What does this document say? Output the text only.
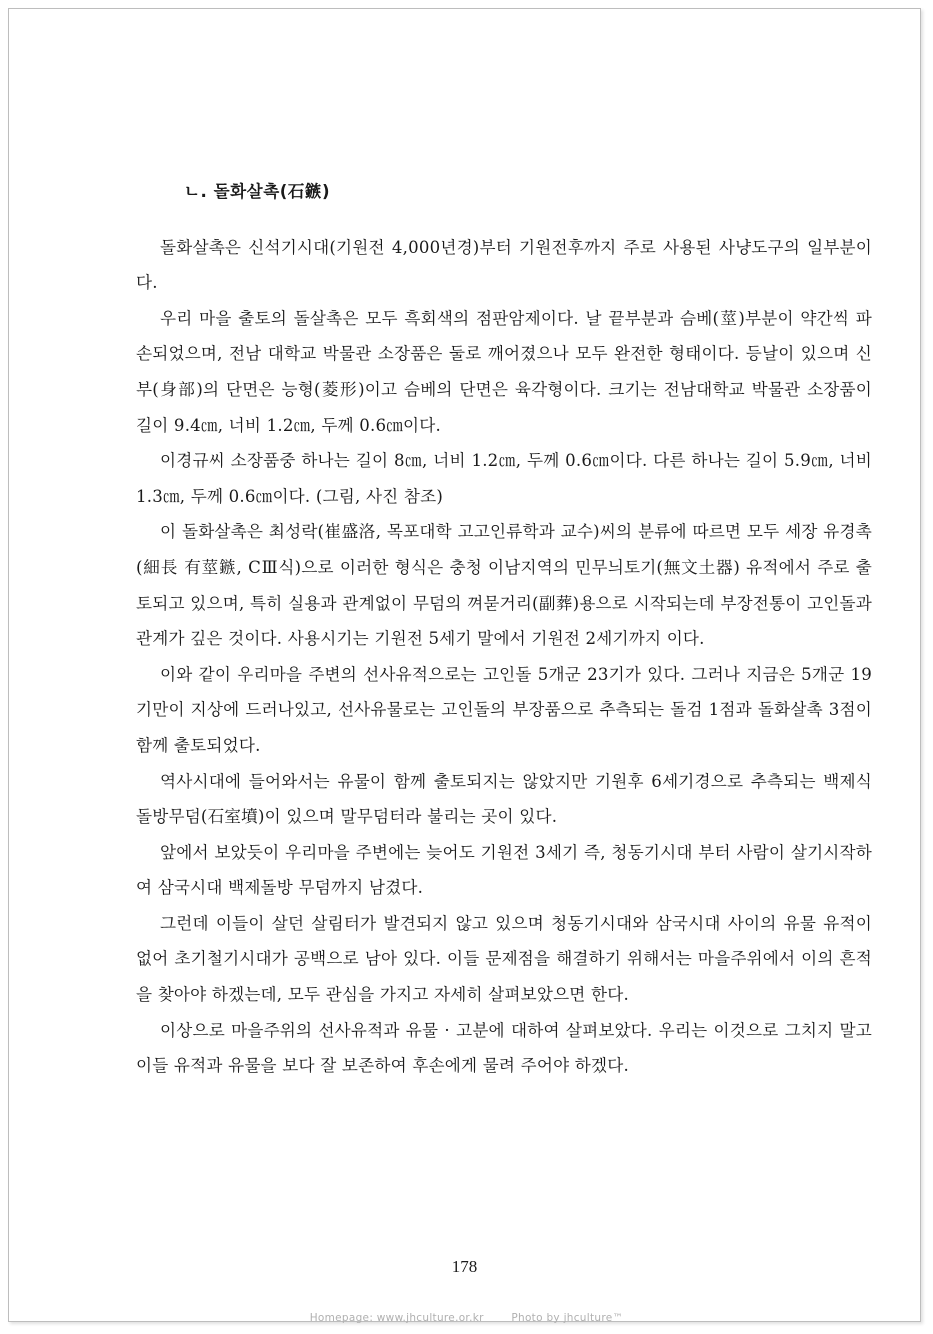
ㄴ. 돌화살촉(石鏃)

돌화살촉은 신석기시대(기원전 4,000년경)부터 기원전후까지 주로 사용된 사냥도구의 일부분이다.

우리 마을 출토의 돌살촉은 모두 흑회색의 점판암제이다. 날 끝부분과 슴베(莖)부분이 약간씩 파손되었으며, 전남 대학교 박물관 소장품은 둘로 깨어졌으나 모두 완전한 형태이다. 등날이 있으며 신부(身部)의 단면은 능형(菱形)이고 슴베의 단면은 육각형이다. 크기는 전남대학교 박물관 소장품이 길이 9.4㎝, 너비 1.2㎝, 두께 0.6㎝이다.

이경규씨 소장품중 하나는 길이 8㎝, 너비 1.2㎝, 두께 0.6㎝이다. 다른 하나는 길이 5.9㎝, 너비 1.3㎝, 두께 0.6㎝이다. (그림, 사진 참조)

이 돌화살촉은 최성락(崔盛洛, 목포대학 고고인류학과 교수)씨의 분류에 따르면 모두 세장 유경촉(細長 有莖鏃, CⅢ식)으로 이러한 형식은 충청 이남지역의 민무늬토기(無文土器) 유적에서 주로 출토되고 있으며, 특히 실용과 관계없이 무덤의 껴묻거리(副葬)용으로 시작되는데 부장전통이 고인돌과 관계가 깊은 것이다. 사용시기는 기원전 5세기 말에서 기원전 2세기까지 이다.

이와 같이 우리마을 주변의 선사유적으로는 고인돌 5개군 23기가 있다. 그러나 지금은 5개군 19기만이 지상에 드러나있고, 선사유물로는 고인돌의 부장품으로 추측되는 돌검 1점과 돌화살촉 3점이 함께 출토되었다.

역사시대에 들어와서는 유물이 함께 출토되지는 않았지만 기원후 6세기경으로 추측되는 백제식 돌방무덤(石室墳)이 있으며 말무덤터라 불리는 곳이 있다.

앞에서 보았듯이 우리마을 주변에는 늦어도 기원전 3세기 즉, 청동기시대 부터 사람이 살기시작하여 삼국시대 백제돌방 무덤까지 남겼다.

그런데 이들이 살던 살림터가 발견되지 않고 있으며 청동기시대와 삼국시대 사이의 유물 유적이 없어 초기철기시대가 공백으로 남아 있다. 이들 문제점을 해결하기 위해서는 마을주위에서 이의 흔적을 찾아야 하겠는데, 모두 관심을 가지고 자세히 살펴보았으면 한다.

이상으로 마을주위의 선사유적과 유물 · 고분에 대하여 살펴보았다. 우리는 이것으로 그치지 말고 이들 유적과 유물을 보다 잘 보존하여 후손에게 물려 주어야 하겠다.

178
Homepage: www.jhculture.or.kr	Photo by jhculture™
